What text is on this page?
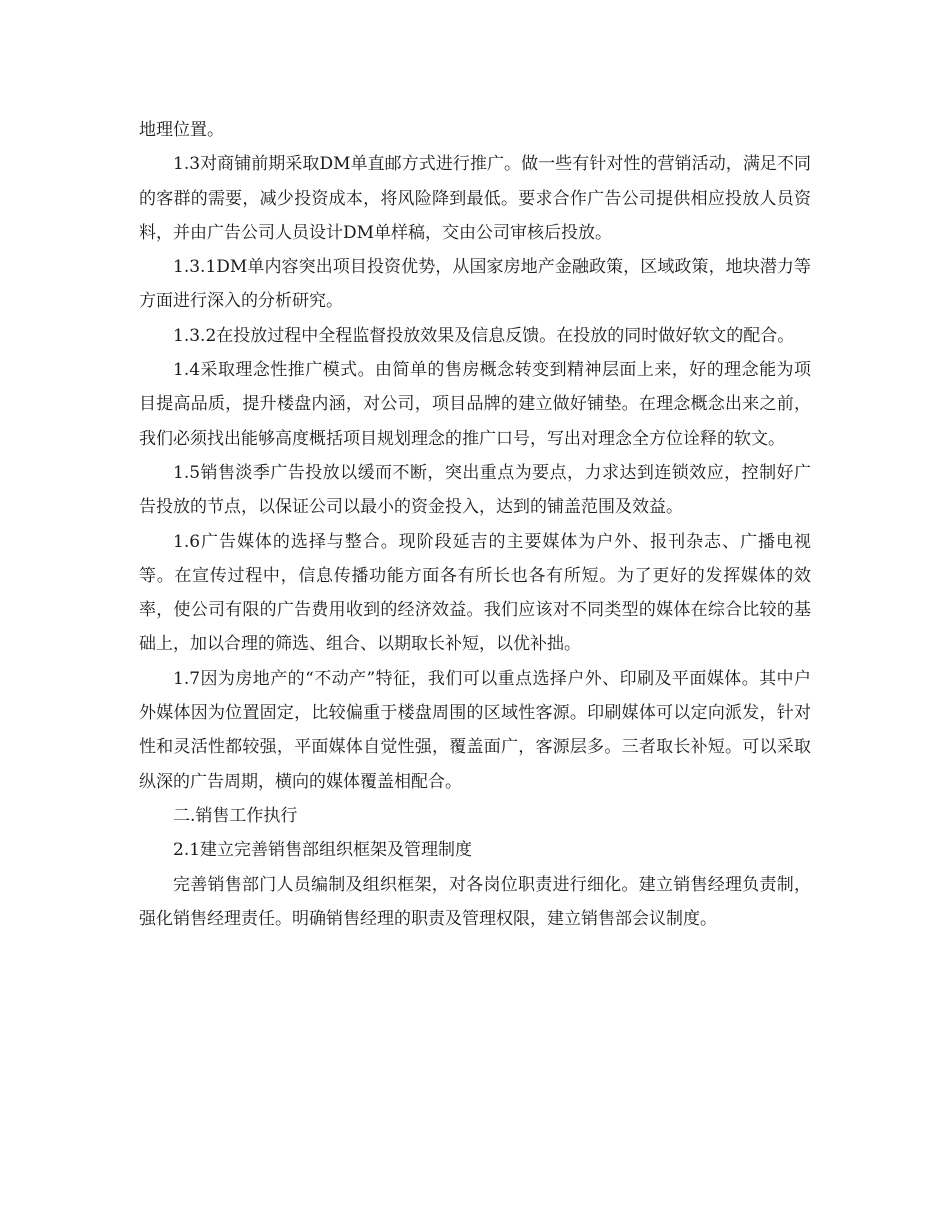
地理位置。

1.3对商铺前期采取DM单直邮方式进行推广。做一些有针对性的营销活动，满足不同的客群的需要，减少投资成本，将风险降到最低。要求合作广告公司提供相应投放人员资料，并由广告公司人员设计DM单样稿，交由公司审核后投放。

1.3.1DM单内容突出项目投资优势，从国家房地产金融政策，区域政策，地块潜力等方面进行深入的分析研究。

1.3.2在投放过程中全程监督投放效果及信息反馈。在投放的同时做好软文的配合。

1.4采取理念性推广模式。由简单的售房概念转变到精神层面上来，好的理念能为项目提高品质，提升楼盘内涵，对公司，项目品牌的建立做好铺垫。在理念概念出来之前，我们必须找出能够高度概括项目规划理念的推广口号，写出对理念全方位诠释的软文。

1.5销售淡季广告投放以缓而不断，突出重点为要点，力求达到连锁效应，控制好广告投放的节点，以保证公司以最小的资金投入，达到的铺盖范围及效益。

1.6广告媒体的选择与整合。现阶段延吉的主要媒体为户外、报刊杂志、广播电视等。在宣传过程中，信息传播功能方面各有所长也各有所短。为了更好的发挥媒体的效率，使公司有限的广告费用收到的经济效益。我们应该对不同类型的媒体在综合比较的基础上，加以合理的筛选、组合、以期取长补短，以优补拙。

1.7因为房地产的“不动产”特征，我们可以重点选择户外、印刷及平面媒体。其中户外媒体因为位置固定，比较偏重于楼盘周围的区域性客源。印刷媒体可以定向派发，针对性和灵活性都较强，平面媒体自觉性强，覆盖面广，客源层多。三者取长补短。可以采取纵深的广告周期，横向的媒体覆盖相配合。

二.销售工作执行

2.1建立完善销售部组织框架及管理制度

完善销售部门人员编制及组织框架，对各岗位职责进行细化。建立销售经理负责制，强化销售经理责任。明确销售经理的职责及管理权限，建立销售部会议制度。
